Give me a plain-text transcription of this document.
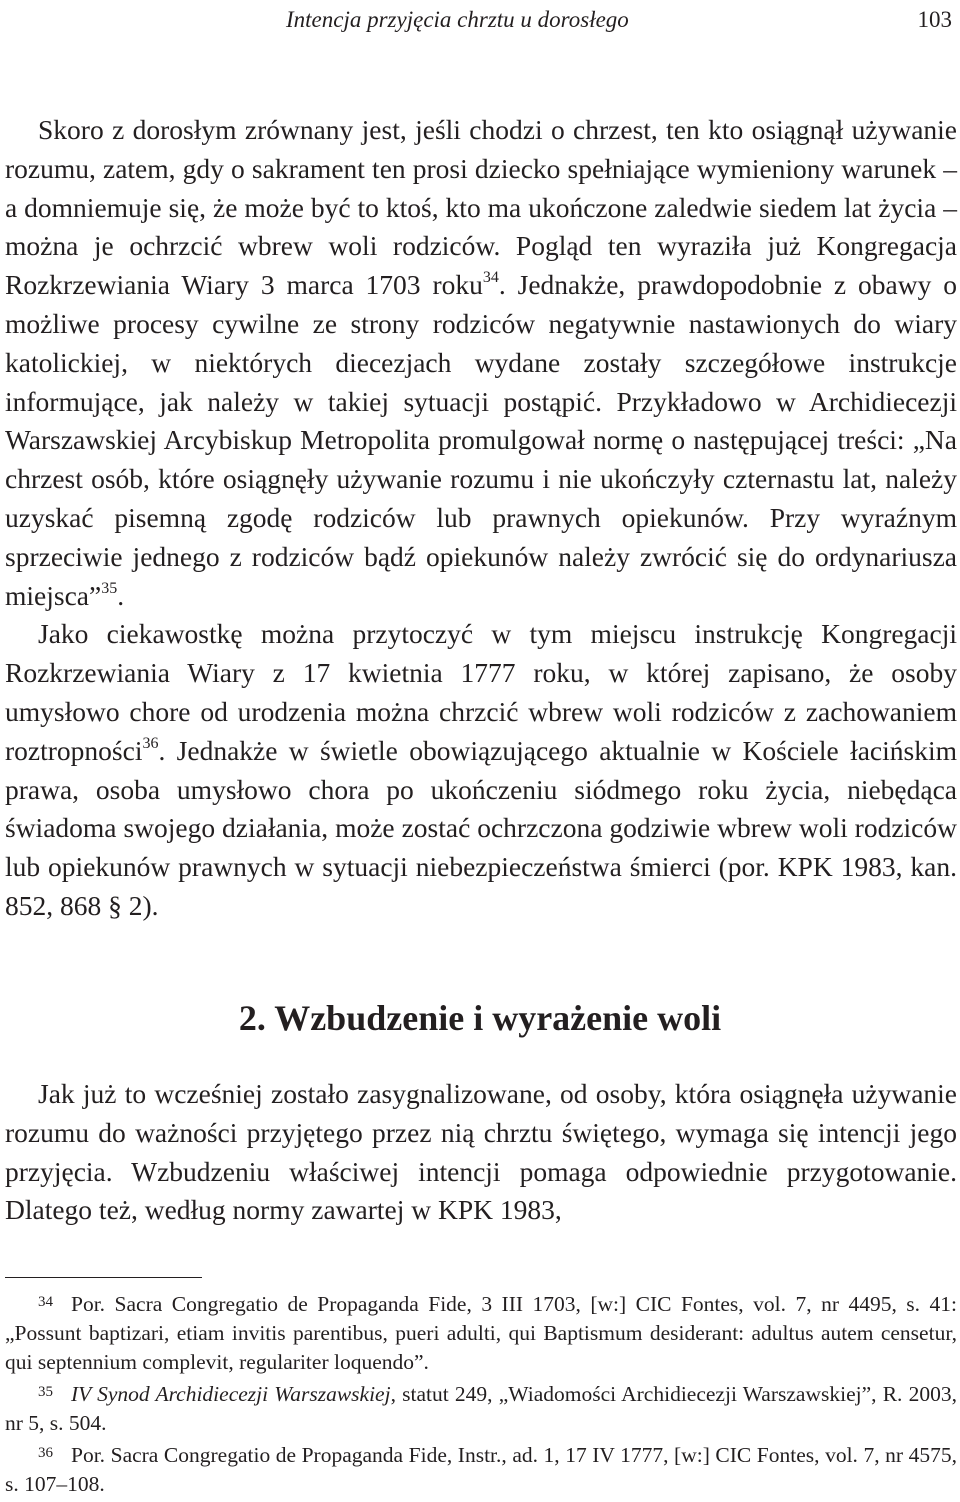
Intencja przyjęcia chrztu u dorosłego	103

Skoro z dorosłym zrównany jest, jeśli chodzi o chrzest, ten kto osiągnął używanie rozumu, zatem, gdy o sakrament ten prosi dziecko spełniające wymieniony warunek – a domniemuje się, że może być to ktoś, kto ma ukończone zaledwie siedem lat życia – można je ochrzcić wbrew woli rodziców. Pogląd ten wyraziła już Kongregacja Rozkrzewiania Wiary 3 marca 1703 roku$^{34}$. Jednakże, prawdopodobnie z obawy o możliwe procesy cywilne ze strony rodziców negatywnie nastawionych do wiary katolickiej, w niektórych diecezjach wydane zostały szczegółowe instrukcje informujące, jak należy w takiej sytuacji postąpić. Przykładowo w Archidiecezji Warszawskiej Arcybiskup Metropolita promulgował normę o następującej treści: „Na chrzest osób, które osiągnęły używanie rozumu i nie ukończyły czternastu lat, należy uzyskać pisemną zgodę rodziców lub prawnych opiekunów. Przy wyraźnym sprzeciwie jednego z rodziców bądź opiekunów należy zwrócić się do ordynariusza miejsca”$^{35}$.

Jako ciekawostkę można przytoczyć w tym miejscu instrukcję Kongregacji Rozkrzewiania Wiary z 17 kwietnia 1777 roku, w której zapisano, że osoby umysłowo chore od urodzenia można chrzcić wbrew woli rodziców z zachowaniem roztropności$^{36}$. Jednakże w świetle obowiązującego aktualnie w Kościele łacińskim prawa, osoba umysłowo chora po ukończeniu siódmego roku życia, niebędąca świadoma swojego działania, może zostać ochrzczona godziwie wbrew woli rodziców lub opiekunów prawnych w sytuacji niebezpieczeństwa śmierci (por. KPK 1983, kan. 852, 868 § 2).

2. Wzbudzenie i wyrażenie woli

Jak już to wcześniej zostało zasygnalizowane, od osoby, która osiągnęła używanie rozumu do ważności przyjętego przez nią chrztu świętego, wymaga się intencji jego przyjęcia. Wzbudzeniu właściwej intencji pomaga odpowiednie przygotowanie. Dlatego też, według normy zawartej w KPK 1983,

34 Por. Sacra Congregatio de Propaganda Fide, 3 III 1703, [w:] CIC Fontes, vol. 7, nr 4495, s. 41: „Possunt baptizari, etiam invitis parentibus, pueri adulti, qui Baptismum desiderant: adultus autem censetur, qui septennium complevit, regulariter loquendo”.

35 IV Synod Archidiecezji Warszawskiej, statut 249, „Wiadomości Archidiecezji Warszawskiej”, R. 2003, nr 5, s. 504.

36 Por. Sacra Congregatio de Propaganda Fide, Instr., ad. 1, 17 IV 1777, [w:] CIC Fontes, vol. 7, nr 4575, s. 107–108.
